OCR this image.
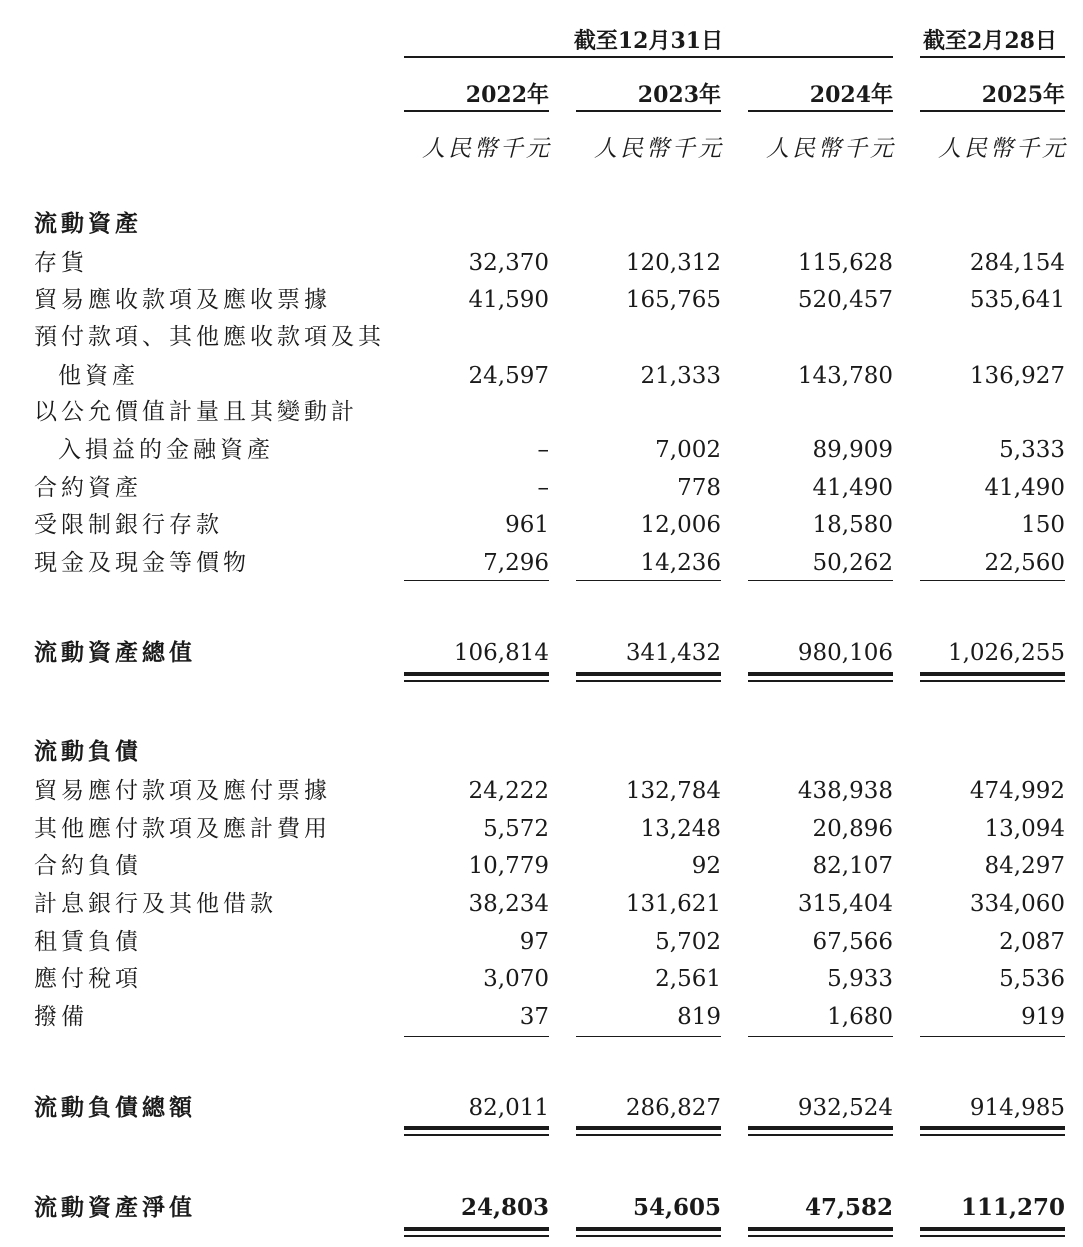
截至12月31日	截至2月28日
2022年	2023年	2024年	2025年
人民幣千元	人民幣千元	人民幣千元	人民幣千元
流動資產
存貨	32,370	120,312	115,628	284,154
貿易應收款項及應收票據	41,590	165,765	520,457	535,641
預付款項、其他應收款項及其
他資產	24,597	21,333	143,780	136,927
以公允價值計量且其變動計
入損益的金融資產	–	7,002	89,909	5,333
合約資產	–	778	41,490	41,490
受限制銀行存款	961	12,006	18,580	150
現金及現金等價物	7,296	14,236	50,262	22,560
流動資產總值	106,814	341,432	980,106	1,026,255
流動負債
貿易應付款項及應付票據	24,222	132,784	438,938	474,992
其他應付款項及應計費用	5,572	13,248	20,896	13,094
合約負債	10,779	92	82,107	84,297
計息銀行及其他借款	38,234	131,621	315,404	334,060
租賃負債	97	5,702	67,566	2,087
應付稅項	3,070	2,561	5,933	5,536
撥備	37	819	1,680	919
流動負債總額	82,011	286,827	932,524	914,985
流動資產淨值	24,803	54,605	47,582	111,270
